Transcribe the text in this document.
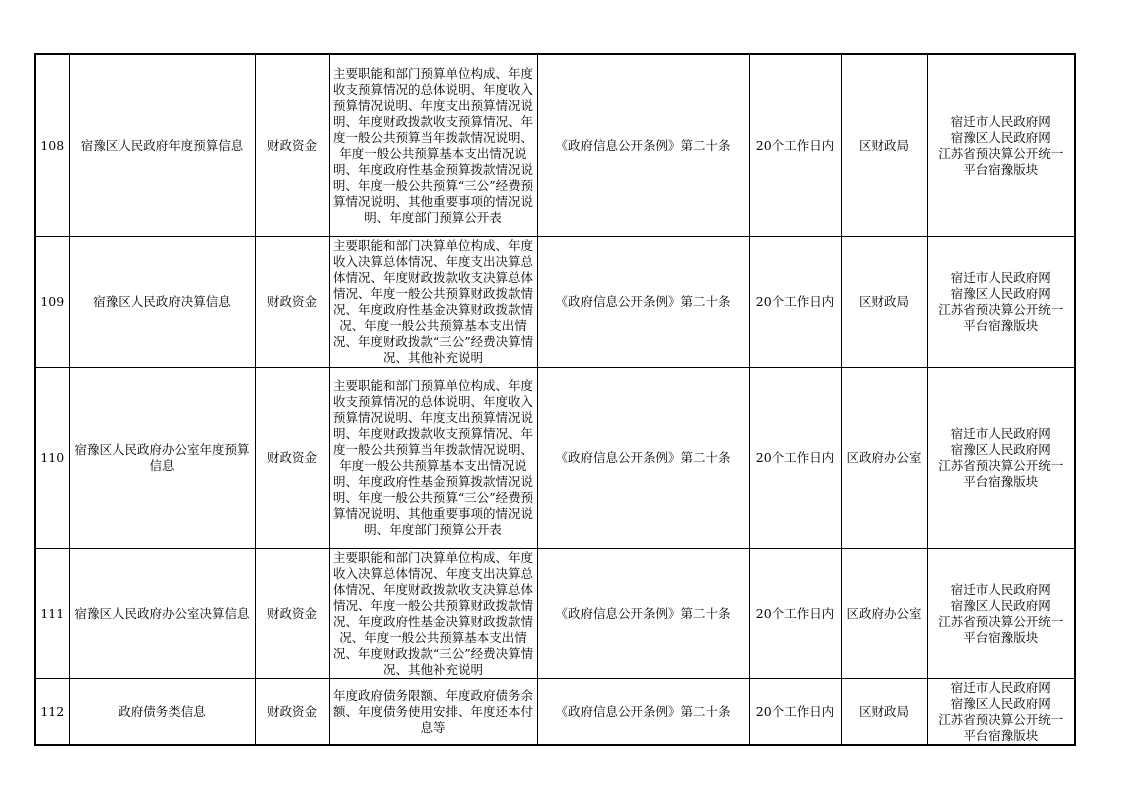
108	宿豫区人民政府年度预算信息	财政资金	主要职能和部门预算单位构成、年度收支预算情况的总体说明、年度收入预算情况说明、年度支出预算情况说明、年度财政拨款收支预算情况、年度一般公共预算当年拨款情况说明、年度一般公共预算基本支出情况说明、年度政府性基金预算拨款情况说明、年度一般公共预算“三公”经费预算情况说明、其他重要事项的情况说明、年度部门预算公开表	《政府信息公开条例》第二十条	20个工作日内	区财政局	宿迁市人民政府网
宿豫区人民政府网
江苏省预决算公开统一
平台宿豫版块

109	宿豫区人民政府决算信息	财政资金	主要职能和部门决算单位构成、年度收入决算总体情况、年度支出决算总体情况、年度财政拨款收支决算总体情况、年度一般公共预算财政拨款情况、年度政府性基金决算财政拨款情况、年度一般公共预算基本支出情况、年度财政拨款“三公”经费决算情况、其他补充说明	《政府信息公开条例》第二十条	20个工作日内	区财政局	宿迁市人民政府网
宿豫区人民政府网
江苏省预决算公开统一
平台宿豫版块

110	宿豫区人民政府办公室年度预算信息	财政资金	主要职能和部门预算单位构成、年度收支预算情况的总体说明、年度收入预算情况说明、年度支出预算情况说明、年度财政拨款收支预算情况、年度一般公共预算当年拨款情况说明、年度一般公共预算基本支出情况说明、年度政府性基金预算拨款情况说明、年度一般公共预算“三公”经费预算情况说明、其他重要事项的情况说明、年度部门预算公开表	《政府信息公开条例》第二十条	20个工作日内	区政府办公室	宿迁市人民政府网
宿豫区人民政府网
江苏省预决算公开统一
平台宿豫版块

111	宿豫区人民政府办公室决算信息	财政资金	主要职能和部门决算单位构成、年度收入决算总体情况、年度支出决算总体情况、年度财政拨款收支决算总体情况、年度一般公共预算财政拨款情况、年度政府性基金决算财政拨款情况、年度一般公共预算基本支出情况、年度财政拨款“三公”经费决算情况、其他补充说明	《政府信息公开条例》第二十条	20个工作日内	区政府办公室	宿迁市人民政府网
宿豫区人民政府网
江苏省预决算公开统一
平台宿豫版块

112	政府债务类信息	财政资金	年度政府债务限额、年度政府债务余额、年度债务使用安排、年度还本付息等	《政府信息公开条例》第二十条	20个工作日内	区财政局	宿迁市人民政府网
宿豫区人民政府网
江苏省预决算公开统一
平台宿豫版块
